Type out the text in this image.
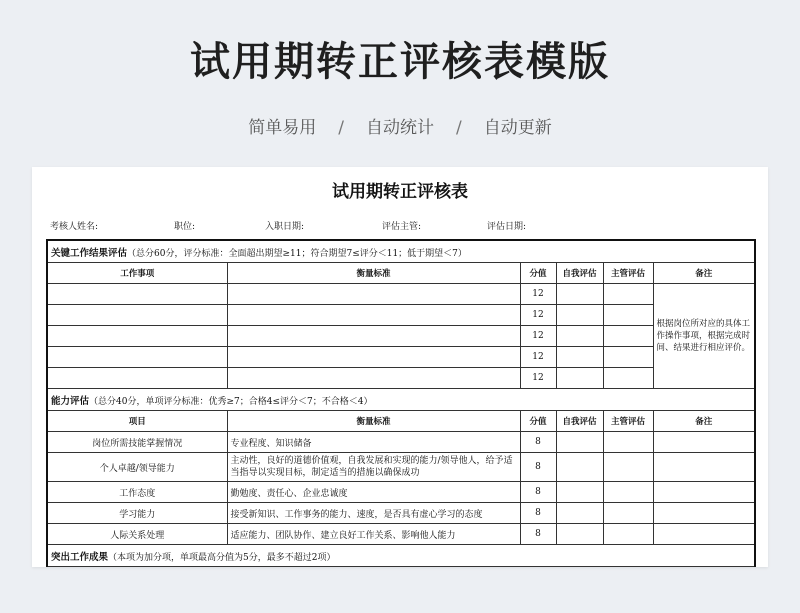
试用期转正评核表模版
简单易用 / 自动统计 / 自动更新
试用期转正评核表
考核人姓名:	职位:	入职日期:	评估主管:	评估日期:
关键工作结果评估（总分60分，评分标准：全面超出期望≥11；符合期望7≤评分＜11；低于期望＜7）					
工作事项	衡量标准	分值	自我评估	主管评估	备注
		12			根据岗位所对应的具体工作操作事项，根据完成时间、结果进行相应评价。
		12			
		12			
		12			
		12			
能力评估（总分40分，单项评分标准：优秀≥7；合格4≤评分＜7；不合格＜4）					
项目	衡量标准	分值	自我评估	主管评估	备注
岗位所需技能掌握情况	专业程度、知识储备	8			
个人卓越/领导能力	主动性，良好的道德价值观，自我发展和实现的能力/领导他人，给予适当指导以实现目标，制定适当的措施以确保成功	8			
工作态度	勤勉度、责任心、企业忠诚度	8			
学习能力	接受新知识、工作事务的能力、速度，是否具有虚心学习的态度	8			
人际关系处理	适应能力、团队协作、建立良好工作关系、影响他人能力	8			
突出工作成果（本项为加分项，单项最高分值为5分，最多不超过2项）					
